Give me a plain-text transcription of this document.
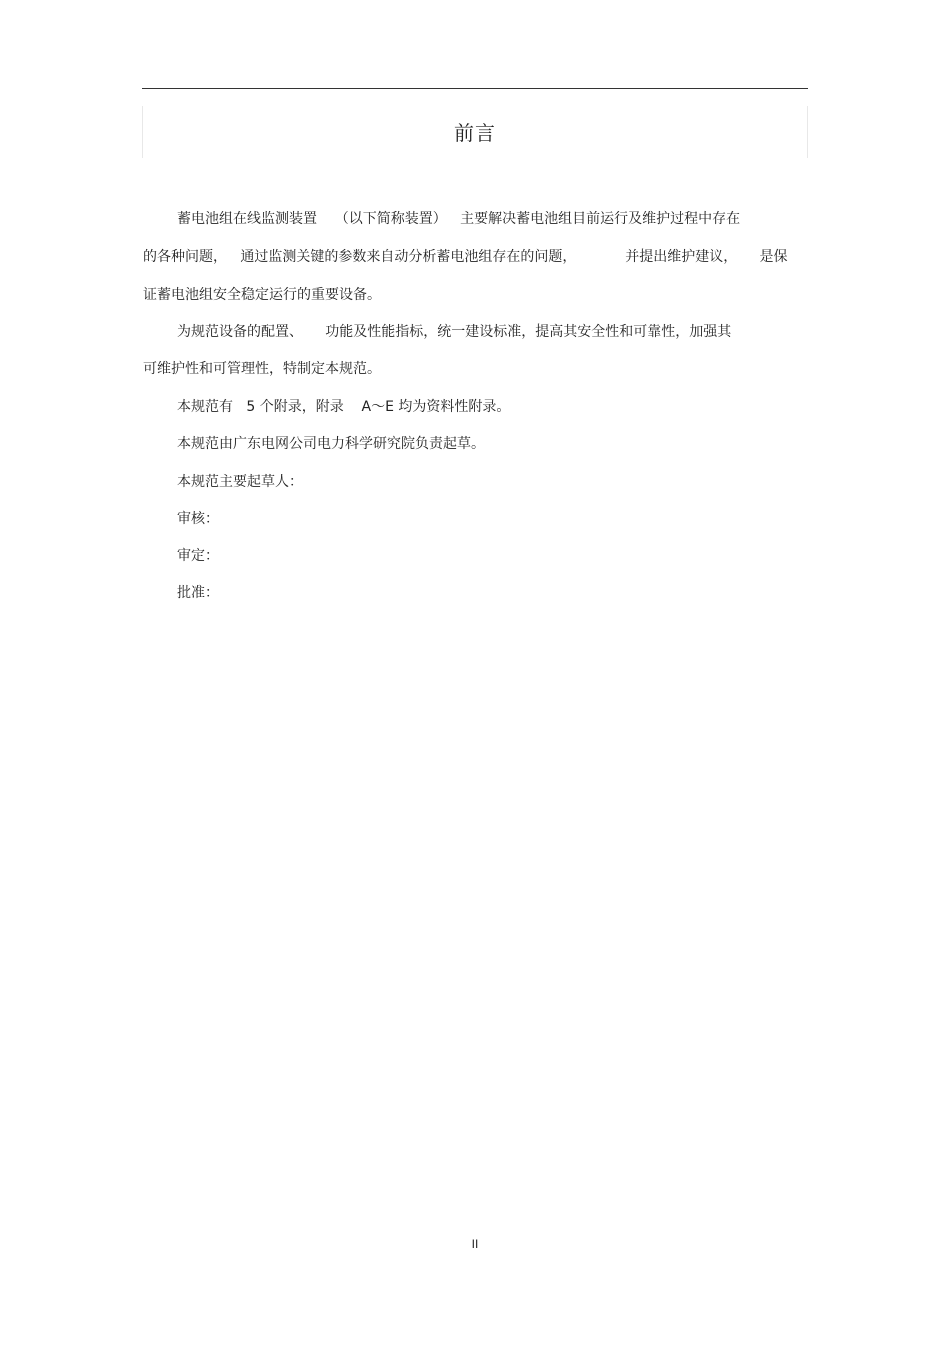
前言
蓄电池组在线监测装置    （以下简称装置）   主要解决蓄电池组目前运行及维护过程中存在
的各种问题，   通过监测关键的参数来自动分析蓄电池组存在的问题，           并提出维护建议，     是保
证蓄电池组安全稳定运行的重要设备。
为规范设备的配置、     功能及性能指标，统一建设标准，提高其安全性和可靠性，加强其
可维护性和可管理性，特制定本规范。
本规范有   5 个附录，附录    A～E 均为资料性附录。
本规范由广东电网公司电力科学研究院负责起草。
本规范主要起草人：
审核：
审定：
批准：
II
